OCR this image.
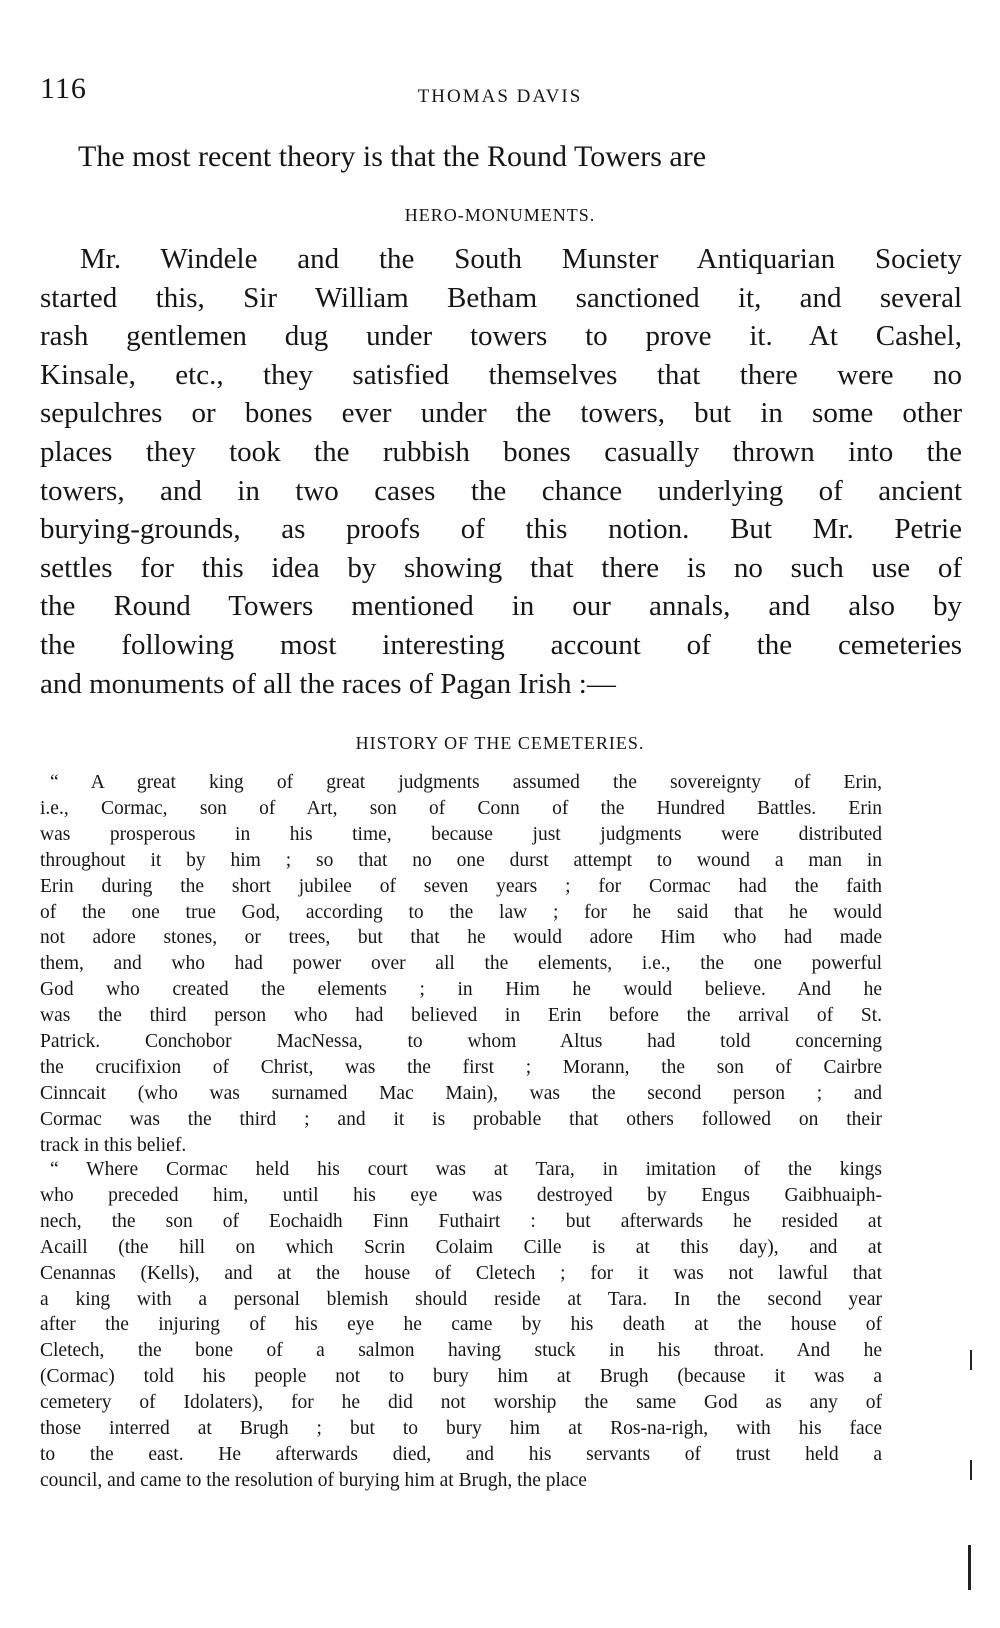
116	THOMAS DAVIS
The most recent theory is that the Round Towers are
HERO-MONUMENTS.
Mr. Windele and the South Munster Antiquarian Society
started this, Sir William Betham sanctioned it, and several
rash gentlemen dug under towers to prove it. At Cashel,
Kinsale, etc., they satisfied themselves that there were no
sepulchres or bones ever under the towers, but in some other
places they took the rubbish bones casually thrown into the
towers, and in two cases the chance underlying of ancient
burying-grounds, as proofs of this notion. But Mr. Petrie
settles for this idea by showing that there is no such use of
the Round Towers mentioned in our annals, and also by
the following most interesting account of the cemeteries
and monuments of all the races of Pagan Irish :—
HISTORY OF THE CEMETERIES.
“ A great king of great judgments assumed the sovereignty of Erin,
i.e., Cormac, son of Art, son of Conn of the Hundred Battles. Erin
was prosperous in his time, because just judgments were distributed
throughout it by him ; so that no one durst attempt to wound a man in
Erin during the short jubilee of seven years ; for Cormac had the faith
of the one true God, according to the law ; for he said that he would
not adore stones, or trees, but that he would adore Him who had made
them, and who had power over all the elements, i.e., the one powerful
God who created the elements ; in Him he would believe. And he
was the third person who had believed in Erin before the arrival of St.
Patrick. Conchobor MacNessa, to whom Altus had told concerning
the crucifixion of Christ, was the first ; Morann, the son of Cairbre
Cinncait (who was surnamed Mac Main), was the second person ; and
Cormac was the third ; and it is probable that others followed on their
track in this belief.
“ Where Cormac held his court was at Tara, in imitation of the kings
who preceded him, until his eye was destroyed by Engus Gaibhuaiph-
nech, the son of Eochaidh Finn Futhairt : but afterwards he resided at
Acaill (the hill on which Scrin Colaim Cille is at this day), and at
Cenannas (Kells), and at the house of Cletech ; for it was not lawful that
a king with a personal blemish should reside at Tara. In the second year
after the injuring of his eye he came by his death at the house of
Cletech, the bone of a salmon having stuck in his throat. And he
(Cormac) told his people not to bury him at Brugh (because it was a
cemetery of Idolaters), for he did not worship the same God as any of
those interred at Brugh ; but to bury him at Ros-na-righ, with his face
to the east. He afterwards died, and his servants of trust held a
council, and came to the resolution of burying him at Brugh, the place
